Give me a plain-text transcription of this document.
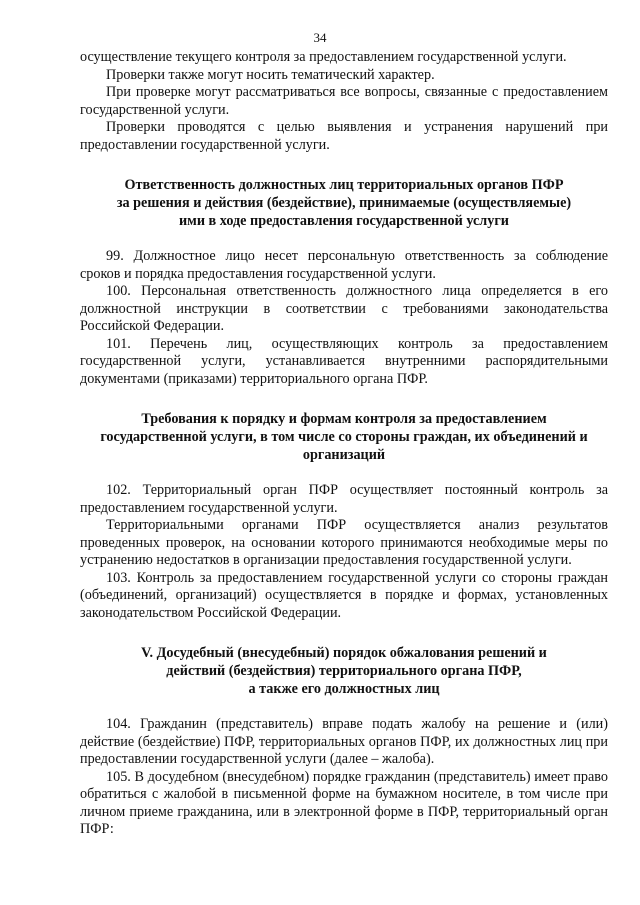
34

осуществление текущего контроля за предоставлением государственной услуги.

Проверки также могут носить тематический характер.

При проверке могут рассматриваться все вопросы, связанные с предоставлением государственной услуги.

Проверки проводятся с целью выявления и устранения нарушений при предоставлении государственной услуги.

Ответственность должностных лиц территориальных органов ПФР

за решения и действия (бездействие), принимаемые (осуществляемые)

ими в ходе предоставления государственной услуги

99. Должностное лицо несет персональную ответственность за соблюдение сроков и порядка предоставления государственной услуги.

100. Персональная ответственность должностного лица определяется в его должностной инструкции в соответствии с требованиями законодательства Российской Федерации.

101. Перечень лиц, осуществляющих контроль за предоставлением государственной услуги, устанавливается внутренними распорядительными документами (приказами) территориального органа ПФР.

Требования к порядку и формам контроля за предоставлением

государственной услуги, в том числе со стороны граждан, их объединений и

организаций

102. Территориальный орган ПФР осуществляет постоянный контроль за предоставлением государственной услуги.

Территориальными органами ПФР осуществляется анализ результатов проведенных проверок, на основании которого принимаются необходимые меры по устранению недостатков в организации предоставления государственной услуги.

103. Контроль за предоставлением государственной услуги со стороны граждан (объединений, организаций) осуществляется в порядке и формах, установленных законодательством Российской Федерации.

V. Досудебный (внесудебный) порядок обжалования решений и

действий (бездействия) территориального органа ПФР,

а также его должностных лиц

104. Гражданин (представитель) вправе подать жалобу на решение и (или) действие (бездействие) ПФР, территориальных органов ПФР, их должностных лиц при предоставлении государственной услуги (далее – жалоба).

105. В досудебном (внесудебном) порядке гражданин (представитель) имеет право обратиться с жалобой в письменной форме на бумажном носителе, в том числе при личном приеме гражданина, или в электронной форме в ПФР, территориальный орган ПФР:
